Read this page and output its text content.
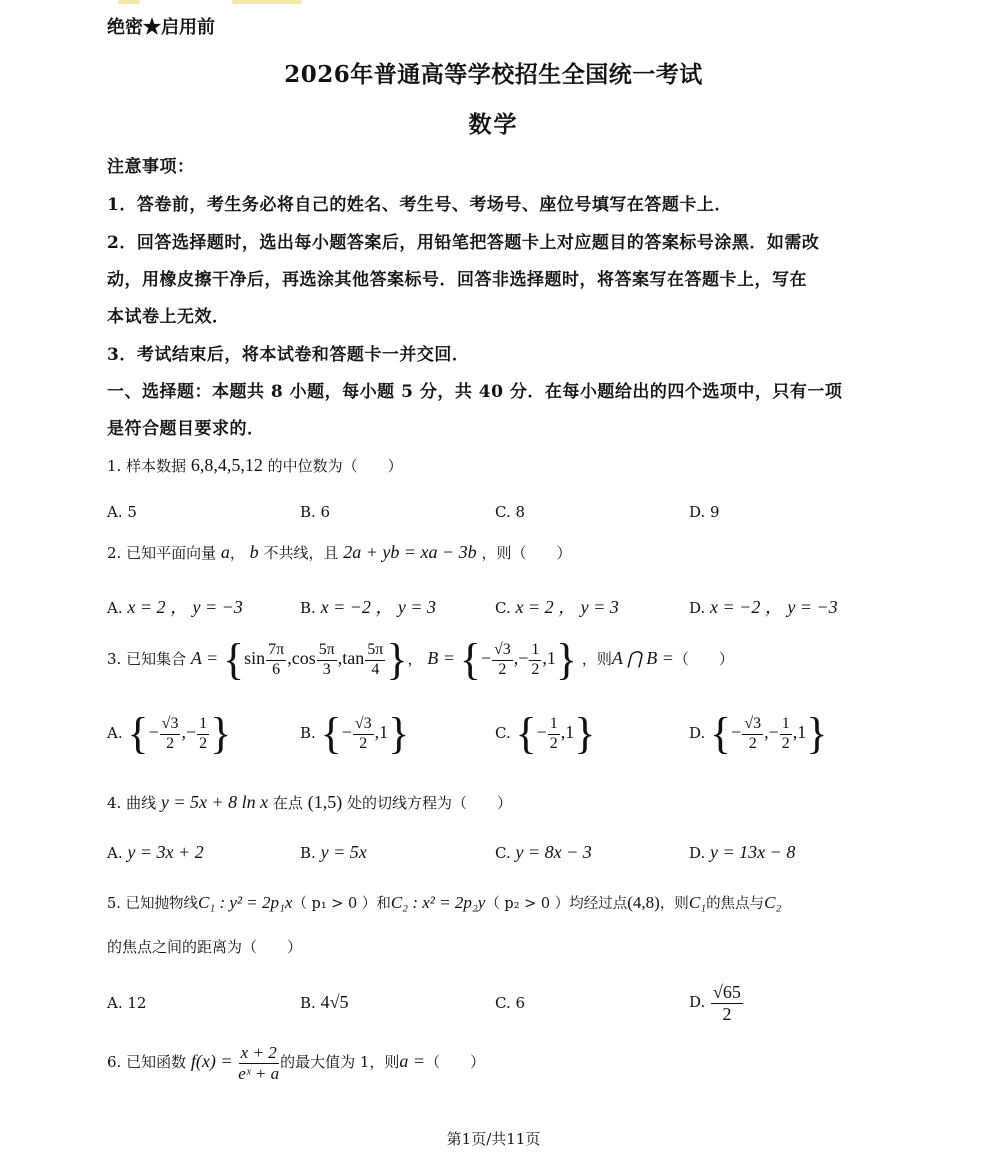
绝密★启用前
2026年普通高等学校招生全国统一考试
数学
注意事项：
1．答卷前，考生务必将自己的姓名、考生号、考场号、座位号填写在答题卡上．
2．回答选择题时，选出每小题答案后，用铅笔把答题卡上对应题目的答案标号涂黑．如需改
动，用橡皮擦干净后，再选涂其他答案标号．回答非选择题时，将答案写在答题卡上，写在
本试卷上无效．
3．考试结束后，将本试卷和答题卡一并交回．
一、选择题：本题共 8 小题，每小题 5 分，共 40 分．在每小题给出的四个选项中，只有一项
是符合题目要求的．
1. 样本数据 6,8,4,5,12 的中位数为（　　）
A. 5	B. 6	C. 8	D. 9
2. 已知平面向量 a， b 不共线，且 2a + yb = xa − 3b ，则（　　）
A. x = 2 ， y = −3	B. x = −2 ， y = 3	C. x = 2 ， y = 3	D. x = −2 ， y = −3
3. 已知集合 $A = \{\sin \frac{7\pi}{6} ,\cos \frac{5\pi}{3} ,\tan \frac{5\pi}{4}$ }， B = {− $\frac{√3}{2}$ ,− $\frac{1}{2} ,1$} ，则A ⋂ B =（　　）
A. {− $\frac{√3}{2}$ ,− $\frac{1}{2}$ }	B. {− $\frac{√3}{2} ,1$}	C. {− $\frac{1}{2} ,1$}	D. {− $\frac{√3}{2}$ ,− $\frac{1}{2} ,1$}
4. 曲线 y = 5x + 8 ln x 在点 (1,5) 处的切线方程为（　　）
A. y = 3x + 2	B. y = 5x	C. y = 8x − 3	D. y = 13x − 8
5. 已知抛物线C₁ : y² = 2p₁x（ p₁ > 0 ）和C₂ : x² = 2p₂y（ p₂ > 0 ）均经过点(4,8)，则C₁的焦点与C₂
的焦点之间的距离为（　　）
A. 12	B. 4√5	C. 6	D. $\frac{√65}{2}$
6. 已知函数 $f(x) = \frac{x + 2}{\text{eˣ + a}}$ 的最大值为 1，则a =（　　）
第1页/共11页
